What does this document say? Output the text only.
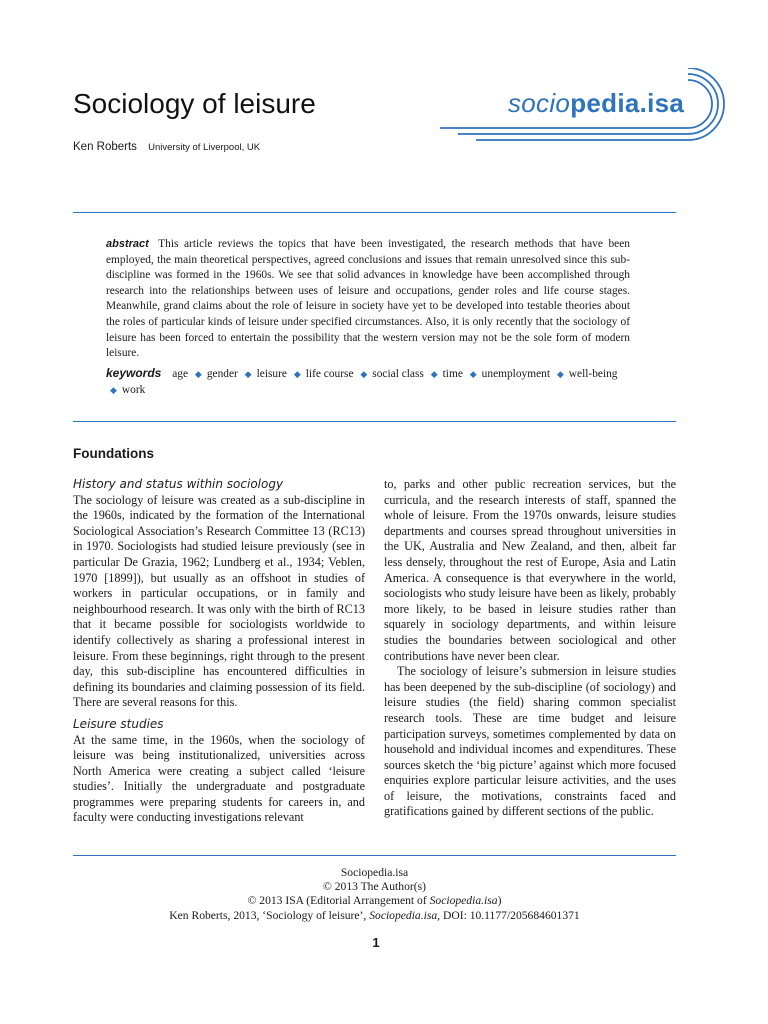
Sociology of leisure
Ken Roberts University of Liverpool, UK
sociopedia.isa
abstract This article reviews the topics that have been investigated, the research methods that have been employed, the main theoretical perspectives, agreed conclusions and issues that remain unresolved since this sub-discipline was formed in the 1960s. We see that solid advances in knowledge have been accomplished through research into the relationships between uses of leisure and occupations, gender roles and life course stages. Meanwhile, grand claims about the role of leisure in society have yet to be developed into testable theories about the roles of particular kinds of leisure under specified circumstances. Also, it is only recently that the sociology of leisure has been forced to entertain the possibility that the western version may not be the sole form of modern leisure.
keywords age ◆ gender ◆ leisure ◆ life course ◆ social class ◆ time ◆ unemployment ◆ well-being ◆ work
Foundations
History and status within sociology

The sociology of leisure was created as a sub-discipline in the 1960s, indicated by the formation of the International Sociological Association’s Research Committee 13 (RC13) in 1970. Sociologists had studied leisure previously (see in particular De Grazia, 1962; Lundberg et al., 1934; Veblen, 1970 [1899]), but usually as an offshoot in studies of workers in particular occupations, or in family and neighbourhood research. It was only with the birth of RC13 that it became possible for sociologists worldwide to identify collectively as sharing a professional interest in leisure. From these beginnings, right through to the present day, this sub-discipline has encountered difficulties in defining its boundaries and claiming possession of its field. There are several reasons for this.

Leisure studies

At the same time, in the 1960s, when the sociology of leisure was being institutionalized, universities across North America were creating a subject called ‘leisure studies’. Initially the undergraduate and postgraduate programmes were preparing students for careers in, and faculty were conducting investigations relevant

to, parks and other public recreation services, but the curricula, and the research interests of staff, spanned the whole of leisure. From the 1970s onwards, leisure studies departments and courses spread throughout universities in the UK, Australia and New Zealand, and then, albeit far less densely, throughout the rest of Europe, Asia and Latin America. A consequence is that everywhere in the world, sociologists who study leisure have been as likely, probably more likely, to be based in leisure studies rather than squarely in sociology departments, and within leisure studies the boundaries between sociological and other contributions have never been clear.

The sociology of leisure’s submersion in leisure studies has been deepened by the sub-discipline (of sociology) and leisure studies (the field) sharing common specialist research tools. These are time budget and leisure participation surveys, sometimes complemented by data on household and individual incomes and expenditures. These sources sketch the ‘big picture’ against which more focused enquiries explore particular leisure activities, and the uses of leisure, the motivations, constraints faced and gratifications gained by different sections of the public.

Sociopedia.isa
© 2013 The Author(s)
© 2013 ISA (Editorial Arrangement of Sociopedia.isa)
Ken Roberts, 2013, ‘Sociology of leisure’, Sociopedia.isa, DOI: 10.1177/205684601371
1
